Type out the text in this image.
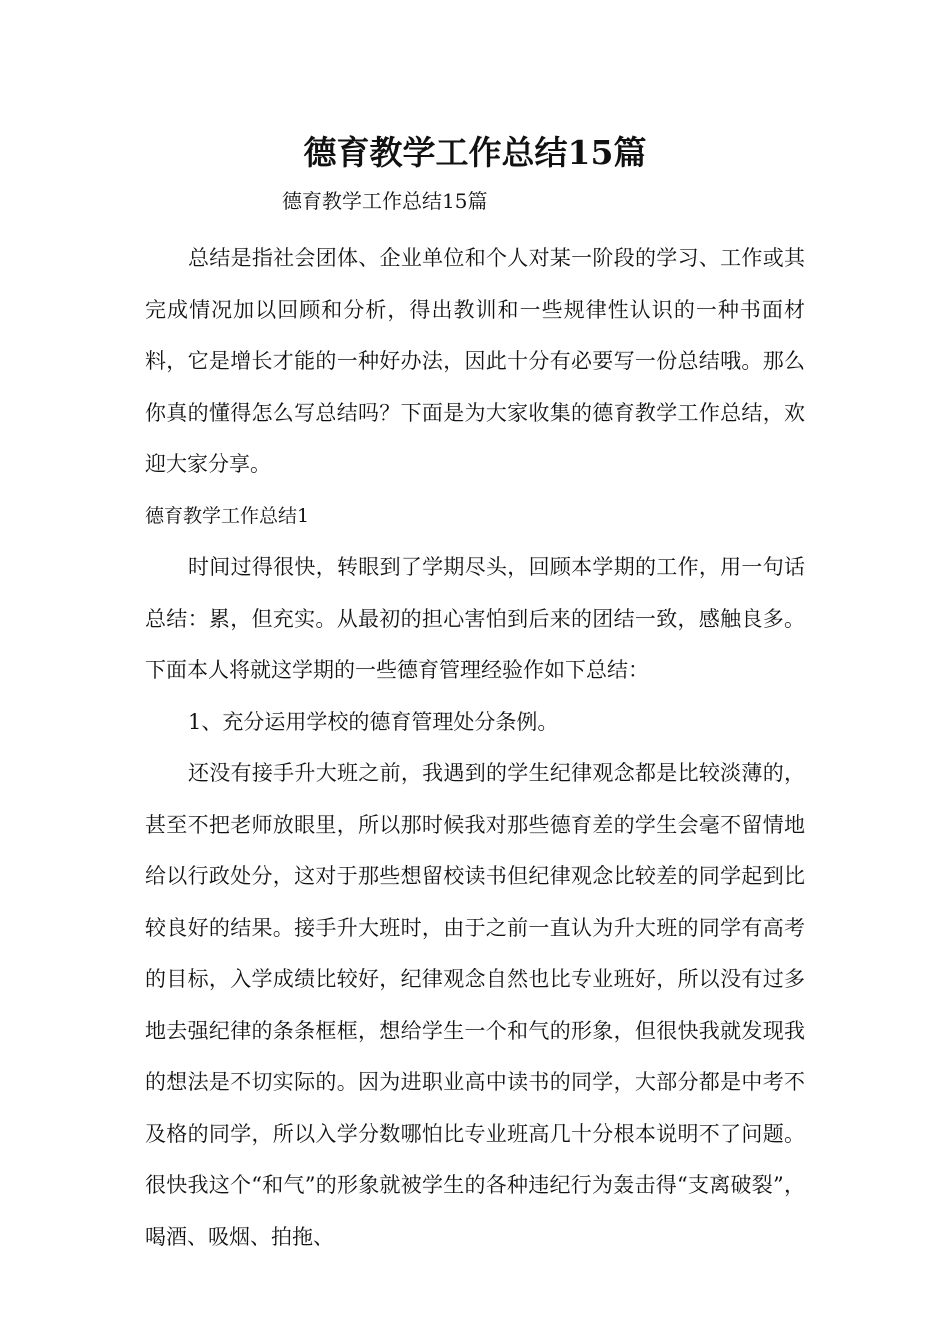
德育教学工作总结15篇

德育教学工作总结15篇

总结是指社会团体、企业单位和个人对某一阶段的学习、工作或其完成情况加以回顾和分析，得出教训和一些规律性认识的一种书面材料，它是增长才能的一种好办法，因此十分有必要写一份总结哦。那么你真的懂得怎么写总结吗？下面是为大家收集的德育教学工作总结，欢迎大家分享。

德育教学工作总结1

时间过得很快，转眼到了学期尽头，回顾本学期的工作，用一句话总结：累，但充实。从最初的担心害怕到后来的团结一致，感触良多。下面本人将就这学期的一些德育管理经验作如下总结：

1、充分运用学校的德育管理处分条例。

还没有接手升大班之前，我遇到的学生纪律观念都是比较淡薄的，甚至不把老师放眼里，所以那时候我对那些德育差的学生会毫不留情地给以行政处分，这对于那些想留校读书但纪律观念比较差的同学起到比较良好的结果。接手升大班时，由于之前一直认为升大班的同学有高考的目标，入学成绩比较好，纪律观念自然也比专业班好，所以没有过多地去强纪律的条条框框，想给学生一个和气的形象，但很快我就发现我的想法是不切实际的。因为进职业高中读书的同学，大部分都是中考不及格的同学，所以入学分数哪怕比专业班高几十分根本说明不了问题。很快我这个“和气”的形象就被学生的各种违纪行为轰击得“支离破裂”，喝酒、吸烟、拍拖、
